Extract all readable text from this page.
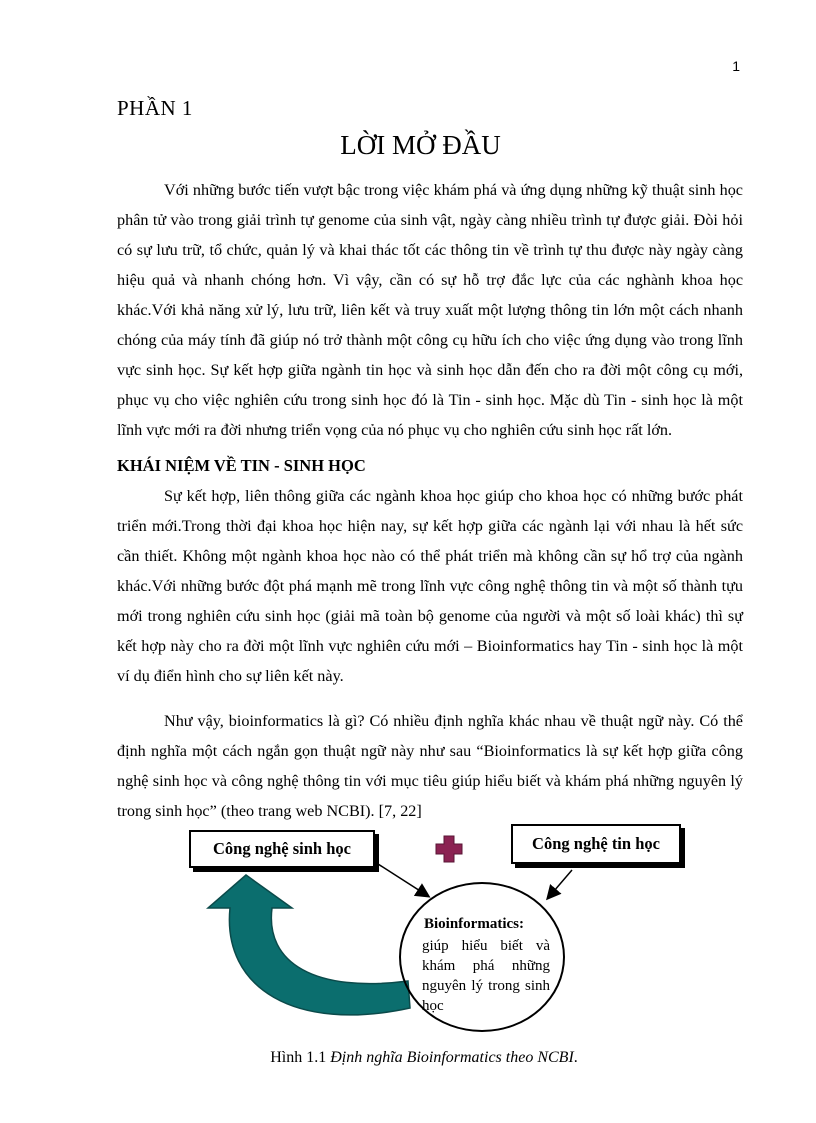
1
PHẦN 1
LỜI MỞ ĐẦU

Với những bước tiến vượt bậc trong việc khám phá và ứng dụng những kỹ thuật sinh học phân tử vào trong giải trình tự genome của sinh vật, ngày càng nhiều trình tự được giải. Đòi hỏi có sự lưu trữ, tổ chức, quản lý và khai thác tốt các thông tin về trình tự thu được này ngày càng hiệu quả và nhanh chóng hơn. Vì vậy, cần có sự hỗ trợ đắc lực của các nghành khoa học khác.Với khả năng xử lý, lưu trữ, liên kết và truy xuất một lượng thông tin lớn một cách nhanh chóng của máy tính đã giúp nó trở thành một công cụ hữu ích cho việc ứng dụng vào trong lĩnh vực sinh học. Sự kết hợp giữa ngành tin học và sinh học dẫn đến cho ra đời một công cụ mới, phục vụ cho việc nghiên cứu trong sinh học đó là Tin - sinh học. Mặc dù Tin - sinh học là một lĩnh vực mới ra đời nhưng triển vọng của nó phục vụ cho nghiên cứu sinh học rất lớn.

KHÁI NIỆM VỀ TIN - SINH HỌC

Sự kết hợp, liên thông giữa các ngành khoa học giúp cho khoa học có những bước phát triển mới.Trong thời đại khoa học hiện nay, sự kết hợp giữa các ngành lại với nhau là hết sức cần thiết. Không một ngành khoa học nào có thể phát triển mà không cần sự hổ trợ của ngành khác.Với những bước đột phá mạnh mẽ trong lĩnh vực công nghệ thông tin và một số thành tựu mới trong nghiên cứu sinh học (giải mã toàn bộ genome của người và một số loài khác) thì sự kết hợp này cho ra đời một lĩnh vực nghiên cứu mới – Bioinformatics hay Tin - sinh học là một ví dụ điển hình cho sự liên kết này.

Như vậy, bioinformatics là gì? Có nhiều định nghĩa khác nhau về thuật ngữ này. Có thể định nghĩa một cách ngắn gọn thuật ngữ này như sau “Bioinformatics là sự kết hợp giữa công nghệ sinh học và công nghệ thông tin với mục tiêu giúp hiểu biết và khám phá những nguyên lý trong sinh học” (theo trang web NCBI). [7, 22]

Công nghệ sinh học	Công nghệ tin học
Bioinformatics:
giúp hiểu biết và khám phá những nguyên lý trong sinh học
Hình 1.1 Định nghĩa Bioinformatics theo NCBI.
